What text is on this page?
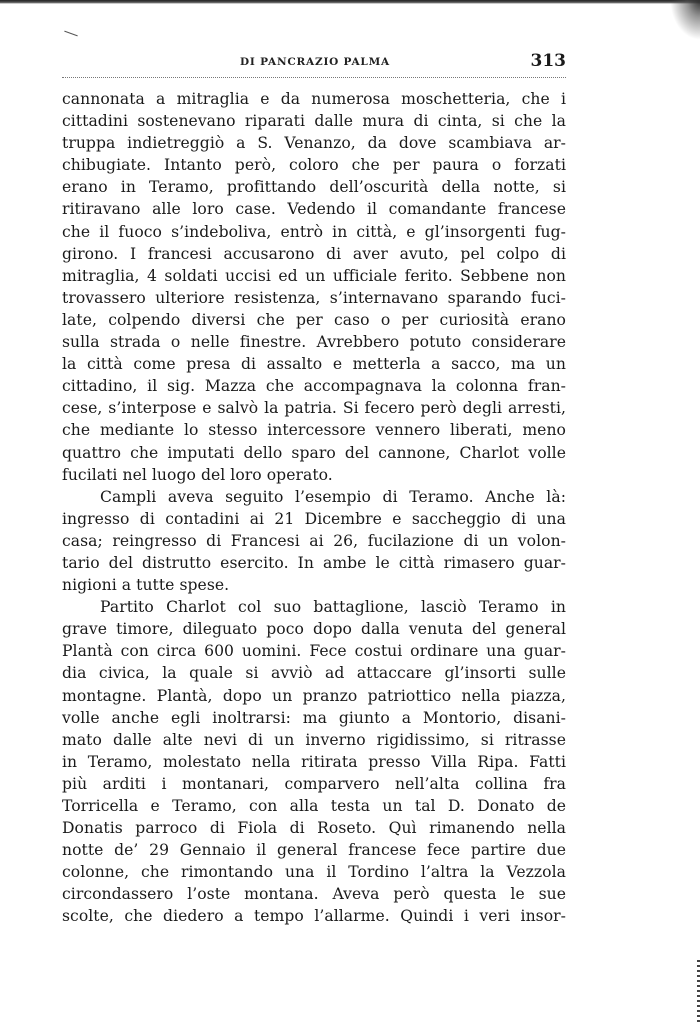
DI PANCRAZIO PALMA	313
cannonata a mitraglia e da numerosa moschetteria, che i
cittadini sostenevano riparati dalle mura di cinta, si che la
truppa indietreggiò a S. Venanzo, da dove scambiava ar-
chibugiate. Intanto però, coloro che per paura o forzati
erano in Teramo, profittando dell’oscurità della notte, si
ritiravano alle loro case. Vedendo il comandante francese
che il fuoco s’indeboliva, entrò in città, e gl’insorgenti fug-
girono. I francesi accusarono di aver avuto, pel colpo di
mitraglia, 4 soldati uccisi ed un ufficiale ferito. Sebbene non
trovassero ulteriore resistenza, s’internavano sparando fuci-
late, colpendo diversi che per caso o per curiosità erano
sulla strada o nelle finestre. Avrebbero potuto considerare
la città come presa di assalto e metterla a sacco, ma un
cittadino, il sig. Mazza che accompagnava la colonna fran-
cese, s’interpose e salvò la patria. Si fecero però degli arresti,
che mediante lo stesso intercessore vennero liberati, meno
quattro che imputati dello sparo del cannone, Charlot volle
fucilati nel luogo del loro operato.
Campli aveva seguito l’esempio di Teramo. Anche là:
ingresso di contadini ai 21 Dicembre e saccheggio di una
casa; reingresso di Francesi ai 26, fucilazione di un volon-
tario del distrutto esercito. In ambe le città rimasero guar-
nigioni a tutte spese.
Partito Charlot col suo battaglione, lasciò Teramo in
grave timore, dileguato poco dopo dalla venuta del general
Plantà con circa 600 uomini. Fece costui ordinare una guar-
dia civica, la quale si avviò ad attaccare gl’insorti sulle
montagne. Plantà, dopo un pranzo patriottico nella piazza,
volle anche egli inoltrarsi: ma giunto a Montorio, disani-
mato dalle alte nevi di un inverno rigidissimo, si ritrasse
in Teramo, molestato nella ritirata presso Villa Ripa. Fatti
più arditi i montanari, comparvero nell’alta collina fra
Torricella e Teramo, con alla testa un tal D. Donato de
Donatis parroco di Fiola di Roseto. Quì rimanendo nella
notte de’ 29 Gennaio il general francese fece partire due
colonne, che rimontando una il Tordino l’altra la Vezzola
circondassero l’oste montana. Aveva però questa le sue
scolte, che diedero a tempo l’allarme. Quindi i veri insor-
